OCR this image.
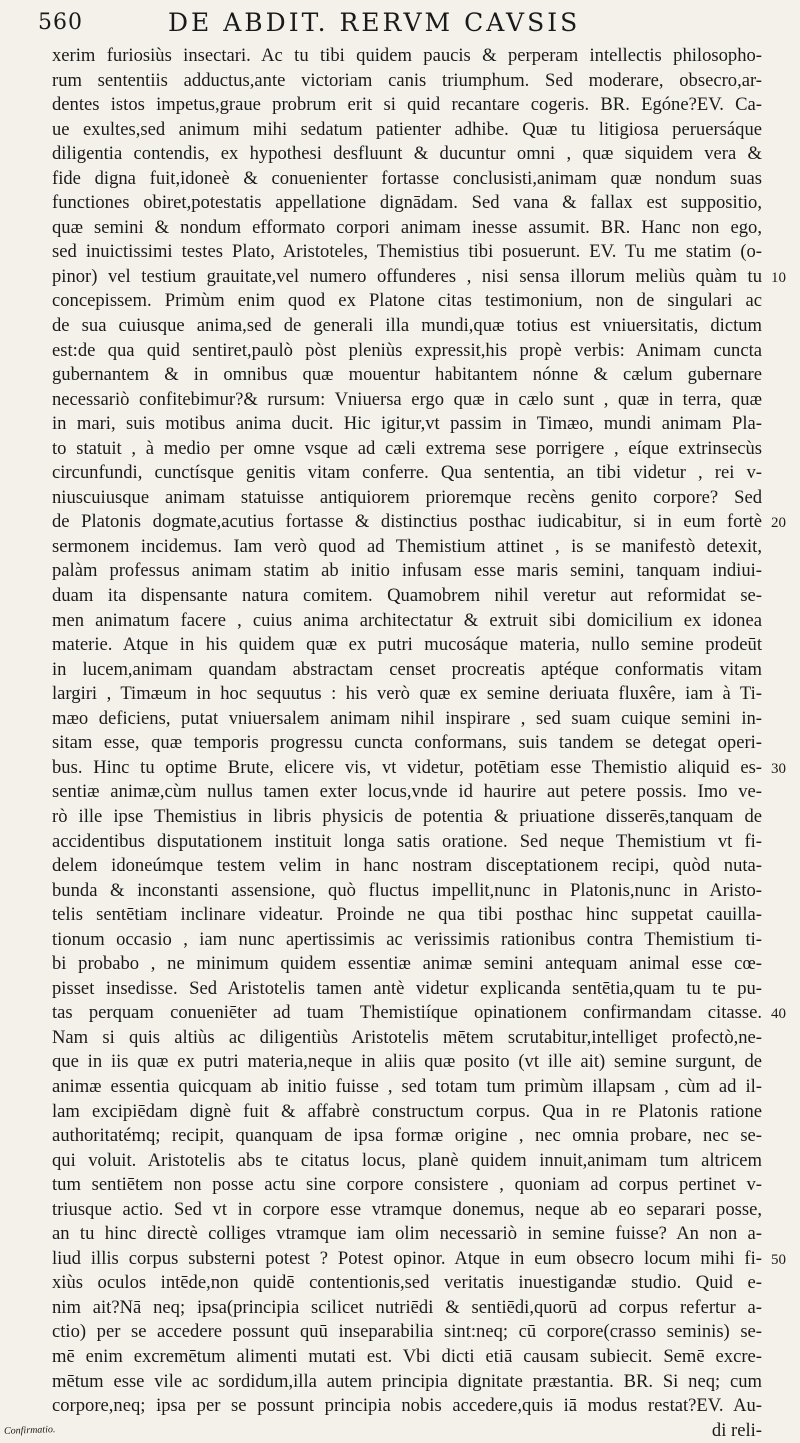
560	DE ABDIT. RERVM CAVSIS
xerim furiosiùs insectari. Ac tu tibi quidem paucis & perperam intellectis philosopho-
rum sententiis adductus,ante victoriam canis triumphum. Sed moderare, obsecro,ar-
dentes istos impetus,graue probrum erit si quid recantare cogeris. BR. Egóne?EV. Ca-
ue exultes,sed animum mihi sedatum patienter adhibe. Quæ tu litigiosa peruersáque
diligentia contendis, ex hypothesi desfluunt & ducuntur omni , quæ siquidem vera &
fide digna fuit,idoneè & conuenienter fortasse conclusisti,animam quæ nondum suas
functiones obiret,potestatis appellatione dignādam. Sed vana & fallax est suppositio,
quæ semini & nondum efformato corpori animam inesse assumit. BR. Hanc non ego,
sed inuictissimi testes Plato, Aristoteles, Themistius tibi posuerunt. EV. Tu me statim (o-
pinor) vel testium grauitate,vel numero offunderes , nisi sensa illorum meliùs quàm tu
concepissem. Primùm enim quod ex Platone citas testimonium, non de singulari ac
de sua cuiusque anima,sed de generali illa mundi,quæ totius est vniuersitatis, dictum
est:de qua quid sentiret,paulò pòst pleniùs expressit,his propè verbis: Animam cuncta
gubernantem & in omnibus quæ mouentur habitantem nónne & cælum gubernare
necessariò confitebimur?& rursum: Vniuersa ergo quæ in cælo sunt , quæ in terra, quæ
in mari, suis motibus anima ducit. Hic igitur,vt passim in Timæo, mundi animam Pla-
to statuit , à medio per omne vsque ad cæli extrema sese porrigere , eíque extrinsecùs
circunfundi, cunctísque genitis vitam conferre. Qua sententia, an tibi videtur , rei v-
niuscuiusque animam statuisse antiquiorem prioremque recèns genito corpore? Sed
de Platonis dogmate,acutius fortasse & distinctius posthac iudicabitur, si in eum fortè
sermonem incidemus. Iam verò quod ad Themistium attinet , is se manifestò detexit,
palàm professus animam statim ab initio infusam esse maris semini, tanquam indiui-
duam ita dispensante natura comitem. Quamobrem nihil veretur aut reformidat se-
men animatum facere , cuius anima architectatur & extruit sibi domicilium ex idonea
materie. Atque in his quidem quæ ex putri mucosáque materia, nullo semine prodeūt
in lucem,animam quandam abstractam censet procreatis aptéque conformatis vitam
largiri , Timæum in hoc sequutus : his verò quæ ex semine deriuata fluxêre, iam à Ti-
mæo deficiens, putat vniuersalem animam nihil inspirare , sed suam cuique semini in-
sitam esse, quæ temporis progressu cuncta conformans, suis tandem se detegat operi-
bus. Hinc tu optime Brute, elicere vis, vt videtur, potētiam esse Themistio aliquid es-
sentiæ animæ,cùm nullus tamen exter locus,vnde id haurire aut petere possis. Imo ve-
rò ille ipse Themistius in libris physicis de potentia & priuatione disserēs,tanquam de
accidentibus disputationem instituit longa satis oratione. Sed neque Themistium vt fi-
delem idoneúmque testem velim in hanc nostram disceptationem recipi, quòd nuta-
bunda & inconstanti assensione, quò fluctus impellit,nunc in Platonis,nunc in Aristo-
telis sentētiam inclinare videatur. Proinde ne qua tibi posthac hinc suppetat cauilla-
tionum occasio , iam nunc apertissimis ac verissimis rationibus contra Themistium ti-
bi probabo , ne minimum quidem essentiæ animæ semini antequam animal esse cœ-
pisset insedisse. Sed Aristotelis tamen antè videtur explicanda sentētia,quam tu te pu-
tas perquam conueniēter ad tuam Themistiíque opinationem confirmandam citasse.
Nam si quis altiùs ac diligentiùs Aristotelis mētem scrutabitur,intelliget profectò,ne-
que in iis quæ ex putri materia,neque in aliis quæ posito (vt ille ait) semine surgunt, de
animæ essentia quicquam ab initio fuisse , sed totam tum primùm illapsam , cùm ad il-
lam excipiēdam dignè fuit & affabrè constructum corpus. Qua in re Platonis ratione
authoritatémq; recipit, quanquam de ipsa formæ origine , nec omnia probare, nec se-
qui voluit. Aristotelis abs te citatus locus, planè quidem innuit,animam tum altricem
tum sentiētem non posse actu sine corpore consistere , quoniam ad corpus pertinet v-
triusque actio. Sed vt in corpore esse vtramque donemus, neque ab eo separari posse,
an tu hinc directè colliges vtramque iam olim necessariò in semine fuisse? An non a-
liud illis corpus substerni potest ? Potest opinor. Atque in eum obsecro locum mihi fi-
xiùs oculos intēde,non quidē contentionis,sed veritatis inuestigandæ studio. Quid e-
nim ait?Nā neq; ipsa(principia scilicet nutriēdi & sentiēdi,quorū ad corpus refertur a-
ctio) per se accedere possunt quū inseparabilia sint:neq; cū corpore(crasso seminis) se-
mē enim excremētum alimenti mutati est. Vbi dicti etiā causam subiecit. Semē excre-
mētum esse vile ac sordidum,illa autem principia dignitate præstantia. BR. Si neq; cum
corpore,neq; ipsa per se possunt principia nobis accedere,quis iā modus restat?EV. Au-
di reli-
10
20
30
40
50
Confirmatio.
